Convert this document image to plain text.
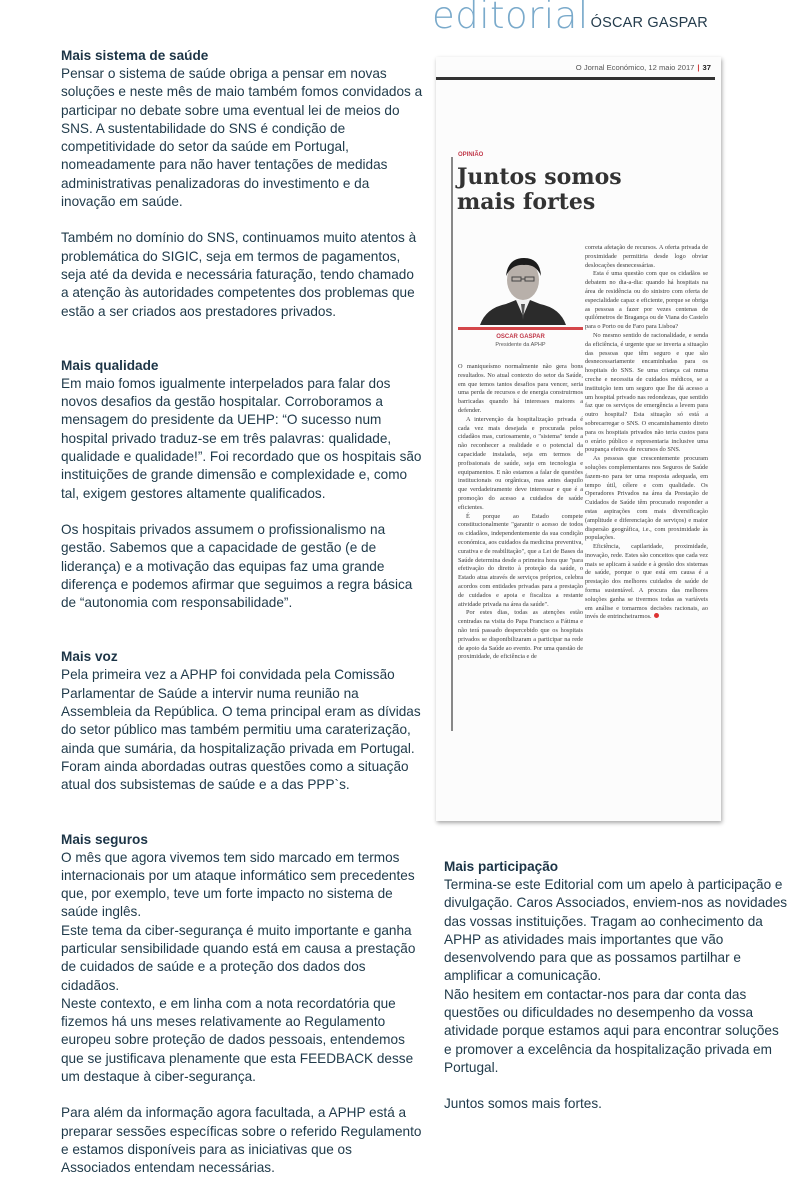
editorial ÓSCAR GASPAR
Mais sistema de saúde

Pensar o sistema de saúde obriga a pensar em novas soluções e neste mês de maio também fomos convidados a participar no debate sobre uma eventual lei de meios do SNS. A sustentabilidade do SNS é condição de competitividade do setor da saúde em Portugal, nomeadamente para não haver tentações de medidas administrativas penalizadoras do investimento e da inovação em saúde.

Também no domínio do SNS, continuamos muito atentos à problemática do SIGIC, seja em termos de pagamentos, seja até da devida e necessária faturação, tendo chamado a atenção às autoridades competentes dos problemas que estão a ser criados aos prestadores privados.

Mais qualidade

Em maio fomos igualmente interpelados para falar dos novos desafios da gestão hospitalar. Corroboramos a mensagem do presidente da UEHP: “O sucesso num hospital privado traduz-se em três palavras: qualidade, qualidade e qualidade!”. Foi recordado que os hospitais são instituições de grande dimensão e complexidade e, como tal, exigem gestores altamente qualificados.

Os hospitais privados assumem o profissionalismo na gestão. Sabemos que a capacidade de gestão (e de liderança) e a motivação das equipas faz uma grande diferença e podemos afirmar que seguimos a regra básica de “autonomia com responsabilidade”.

Mais voz

Pela primeira vez a APHP foi convidada pela Comissão Parlamentar de Saúde a intervir numa reunião na Assembleia da República. O tema principal eram as dívidas do setor público mas também permitiu uma caraterização, ainda que sumária, da hospitalização privada em Portugal. Foram ainda abordadas outras questões como a situação atual dos subsistemas de saúde e a das PPP`s.

Mais seguros

O mês que agora vivemos tem sido marcado em termos internacionais por um ataque informático sem precedentes que, por exemplo, teve um forte impacto no sistema de saúde inglês.

Este tema da ciber-segurança é muito importante e ganha particular sensibilidade quando está em causa a prestação de cuidados de saúde e a proteção dos dados dos cidadãos.

Neste contexto, e em linha com a nota recordatória que fizemos há uns meses relativamente ao Regulamento europeu sobre proteção de dados pessoais, entendemos que se justificava plenamente que esta FEEDBACK desse um destaque à ciber-segurança.

Para além da informação agora facultada, a APHP está a preparar sessões específicas sobre o referido Regulamento e estamos disponíveis para as iniciativas que os Associados entendam necessárias.

O Jornal Económico, 12 maio 2017 | 37
OPINIÃO
Juntos somos
mais fortes
OSCAR GASPAR
Presidente da APHP

O maniqueísmo normalmente não gera bons resultados. No atual contexto do setor da Saúde, em que temos tantos desafios para vencer, seria uma perda de recursos e de energia construirmos barricadas quando há interesses maiores a defender.

A intervenção da hospitalização privada é cada vez mais desejada e procurada pelos cidadãos mas, curiosamente, o "sistema" tende a não reconhecer a realidade e o potencial da capacidade instalada, seja em termos de profissionais de saúde, seja em tecnologia e equipamentos. E não estamos a falar de questões institucionais ou orgânicas, mas antes daquilo que verdadeiramente deve interessar e que é a promoção do acesso a cuidados de saúde eficientes.

É porque ao Estado compete constitucionalmente "garantir o acesso de todos os cidadãos, independentemente da sua condição económica, aos cuidados da medicina preventiva, curativa e de reabilitação", que a Lei de Bases da Saúde determina desde a primeira hora que "para efetivação do direito à proteção da saúde, o Estado atua através de serviços próprios, celebra acordos com entidades privadas para a prestação de cuidados e apoia e fiscaliza a restante atividade privada na área da saúde".

Por estes dias, todas as atenções estão centradas na visita do Papa Francisco a Fátima e não terá passado despercebido que os hospitais privados se disponibilizaram a participar na rede de apoio da Saúde ao evento. Por uma questão de proximidade, de eficiência e de

correta afetação de recursos. A oferta privada de proximidade permitiria desde logo obviar deslocações desnecessárias.

Esta é uma questão com que os cidadãos se debatem no dia-a-dia: quando há hospitais na área de residência ou do sinistro com oferta de especialidade capaz e eficiente, porque se obriga as pessoas a fazer por vezes centenas de quilómetros de Bragança ou de Viana do Castelo para o Porto ou de Faro para Lisboa?

No mesmo sentido de racionalidade, e senda da eficiência, é urgente que se inverta a situação das pessoas que têm seguro e que são desnecessariamente encaminhadas para os hospitais do SNS. Se uma criança cai numa creche e necessita de cuidados médicos, se a instituição tem um seguro que lhe dá acesso a um hospital privado nas redondezas, que sentido faz que os serviços de emergência a levem para outro hospital? Esta situação só está a sobrecarregar o SNS. O encaminhamento direto para os hospitais privados não teria custos para o erário público e representaria inclusive uma poupança efetiva de recursos do SNS.

As pessoas que crescentemente procuram soluções complementares nos Seguros de Saúde fazem-no para ter uma resposta adequada, em tempo útil, célere e com qualidade. Os Operadores Privados na área da Prestação de Cuidados de Saúde têm procurado responder a estas aspirações com mais diversificação (amplitude e diferenciação de serviços) e maior dispersão geográfica, i.e., com proximidade às populações.

Eficiência, capilaridade, proximidade, inovação, rede. Estes são conceitos que cada vez mais se aplicam à saúde e à gestão dos sistemas de saúde, porque o que está em causa é a prestação dos melhores cuidados de saúde de forma sustentável. A procura das melhores soluções ganha se tivermos todas as variáveis em análise e tomarmos decisões racionais, ao invés de entrincheirarmos.

Mais participação

Termina-se este Editorial com um apelo à participação e divulgação. Caros Associados, enviem-nos as novidades das vossas instituições. Tragam ao conhecimento da APHP as atividades mais importantes que vão desenvolvendo para que as possamos partilhar e amplificar a comunicação.

Não hesitem em contactar-nos para dar conta das questões ou dificuldades no desempenho da vossa atividade porque estamos aqui para encontrar soluções e promover a excelência da hospitalização privada em Portugal.

Juntos somos mais fortes.
